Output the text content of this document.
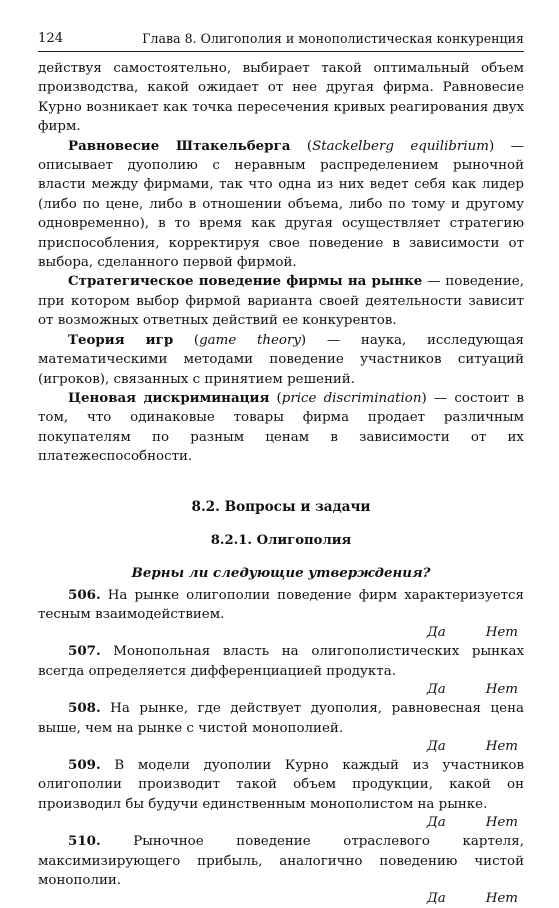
124	Глава 8. Олигополия и монополистическая конкуренция

действуя самостоятельно, выбирает такой оптимальный объем производства, какой ожидает от нее другая фирма. Равновесие Курно возникает как точка пересечения кривых реагирования двух фирм.

Равновесие Штакельберга (Stackelberg equilibrium) — описывает дуополию с неравным распределением рыночной власти между фирмами, так что одна из них ведет себя как лидер (либо по цене, либо в отношении объема, либо по тому и другому одновременно), в то время как другая осуществляет стратегию приспособления, корректируя свое поведение в зависимости от выбора, сделанного первой фирмой.

Стратегическое поведение фирмы на рынке — поведение, при котором выбор фирмой варианта своей деятельности зависит от возможных ответных действий ее конкурентов.

Теория игр (game theory) — наука, исследующая математическими методами поведение участников ситуаций (игроков), связанных с принятием решений.

Ценовая дискриминация (price discrimination) — состоит в том, что одинаковые товары фирма продает различным покупателям по разным ценам в зависимости от их платежеспособности.

8.2. Вопросы и задачи
8.2.1. Олигополия
Верны ли следующие утверждения?

506. На рынке олигополии поведение фирм характеризуется тесным взаимодействием.

Да	Нет

507. Монопольная власть на олигополистических рынках всегда определяется дифференциацией продукта.

Да	Нет

508. На рынке, где действует дуополия, равновесная цена выше, чем на рынке с чистой монополией.

Да	Нет

509. В модели дуополии Курно каждый из участников олигополии производит такой объем продукции, какой он производил бы будучи единственным монополистом на рынке.

Да	Нет

510. Рыночное поведение отраслевого картеля, максимизирующего прибыль, аналогично поведению чистой монополии.

Да	Нет
